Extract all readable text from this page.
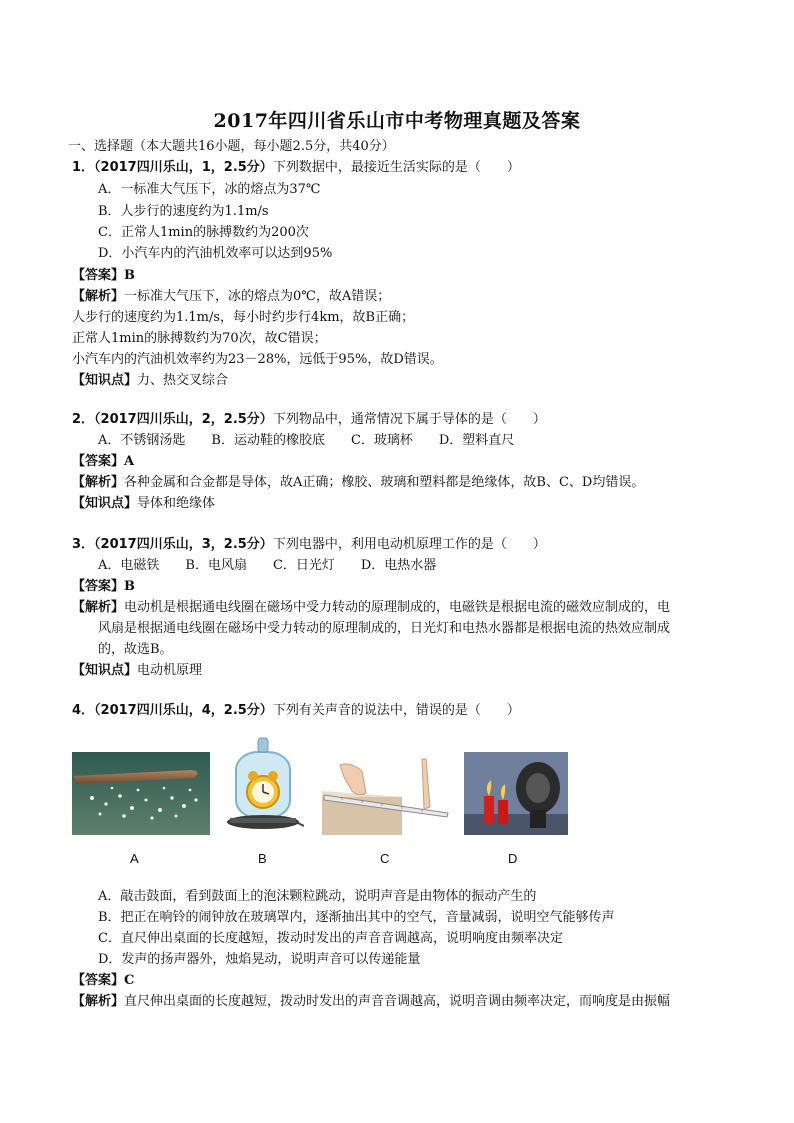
2017年四川省乐山市中考物理真题及答案
一、选择题（本大题共16小题，每小题2.5分，共40分）
1．（2017四川乐山，1，2.5分）下列数据中，最接近生活实际的是（　　）
A．一标准大气压下，冰的熔点为37℃
B．人步行的速度约为1.1m/s
C．正常人1min的脉搏数约为200次
D．小汽车内的汽油机效率可以达到95%
【答案】B
【解析】一标准大气压下，冰的熔点为0℃，故A错误；
人步行的速度约为1.1m/s，每小时约步行4km，故B正确；
正常人1min的脉搏数约为70次，故C错误；
小汽车内的汽油机效率约为23－28%，远低于95%，故D错误。
【知识点】力、热交叉综合
2．（2017四川乐山，2，2.5分）下列物品中，通常情况下属于导体的是（　　）
A．不锈钢汤匙　　B．运动鞋的橡胶底　　C．玻璃杯　　D．塑料直尺
【答案】A
【解析】各种金属和合金都是导体，故A正确；橡胶、玻璃和塑料都是绝缘体，故B、C、D均错误。
【知识点】导体和绝缘体
3．（2017四川乐山，3，2.5分）下列电器中，利用电动机原理工作的是（　　）
A．电磁铁　　B．电风扇　　C．日光灯　　D．电热水器
【答案】B
【解析】电动机是根据通电线圈在磁场中受力转动的原理制成的，电磁铁是根据电流的磁效应制成的，电
风扇是根据通电线圈在磁场中受力转动的原理制成的，日光灯和电热水器都是根据电流的热效应制成
的，故选B。
【知识点】电动机原理
4．（2017四川乐山，4，2.5分）下列有关声音的说法中，错误的是（　　）
A	B	C	D
A．敲击鼓面，看到鼓面上的泡沫颗粒跳动，说明声音是由物体的振动产生的
B．把正在响铃的闹钟放在玻璃罩内，逐渐抽出其中的空气，音量减弱，说明空气能够传声
C．直尺伸出桌面的长度越短，拨动时发出的声音音调越高，说明响度由频率决定
D．发声的扬声器外，烛焰晃动，说明声音可以传递能量
【答案】C
【解析】直尺伸出桌面的长度越短，拨动时发出的声音音调越高，说明音调由频率决定，而响度是由振幅
